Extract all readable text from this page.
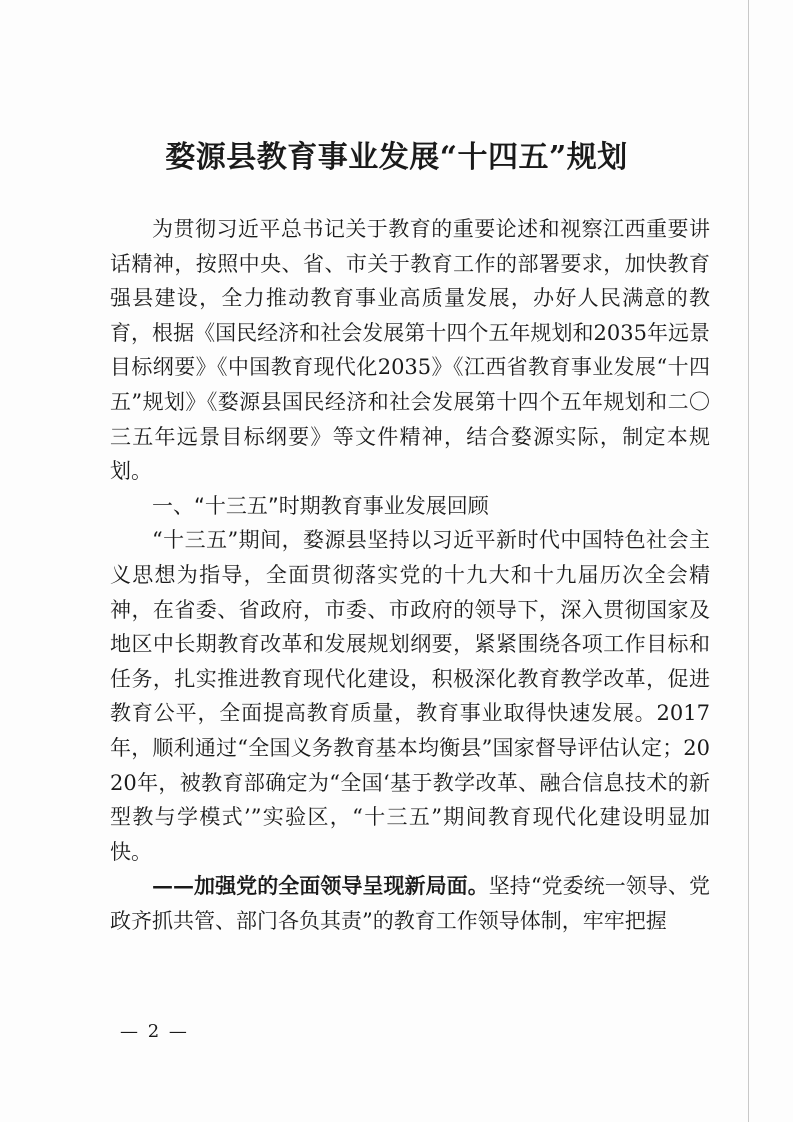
婺源县教育事业发展“十四五”规划

为贯彻习近平总书记关于教育的重要论述和视察江西重要讲话精神，按照中央、省、市关于教育工作的部署要求，加快教育强县建设，全力推动教育事业高质量发展，办好人民满意的教育，根据《国民经济和社会发展第十四个五年规划和2035年远景目标纲要》《中国教育现代化2035》《江西省教育事业发展“十四五”规划》《婺源县国民经济和社会发展第十四个五年规划和二〇三五年远景目标纲要》等文件精神，结合婺源实际，制定本规划。

一、“十三五”时期教育事业发展回顾

“十三五”期间，婺源县坚持以习近平新时代中国特色社会主义思想为指导，全面贯彻落实党的十九大和十九届历次全会精神，在省委、省政府，市委、市政府的领导下，深入贯彻国家及地区中长期教育改革和发展规划纲要，紧紧围绕各项工作目标和任务，扎实推进教育现代化建设，积极深化教育教学改革，促进教育公平，全面提高教育质量，教育事业取得快速发展。2017年，顺利通过“全国义务教育基本均衡县”国家督导评估认定；2020年，被教育部确定为“全国‘基于教学改革、融合信息技术的新型教与学模式’”实验区，“十三五”期间教育现代化建设明显加快。

——加强党的全面领导呈现新局面。坚持“党委统一领导、党政齐抓共管、部门各负其责”的教育工作领导体制，牢牢把握

— 2 —
